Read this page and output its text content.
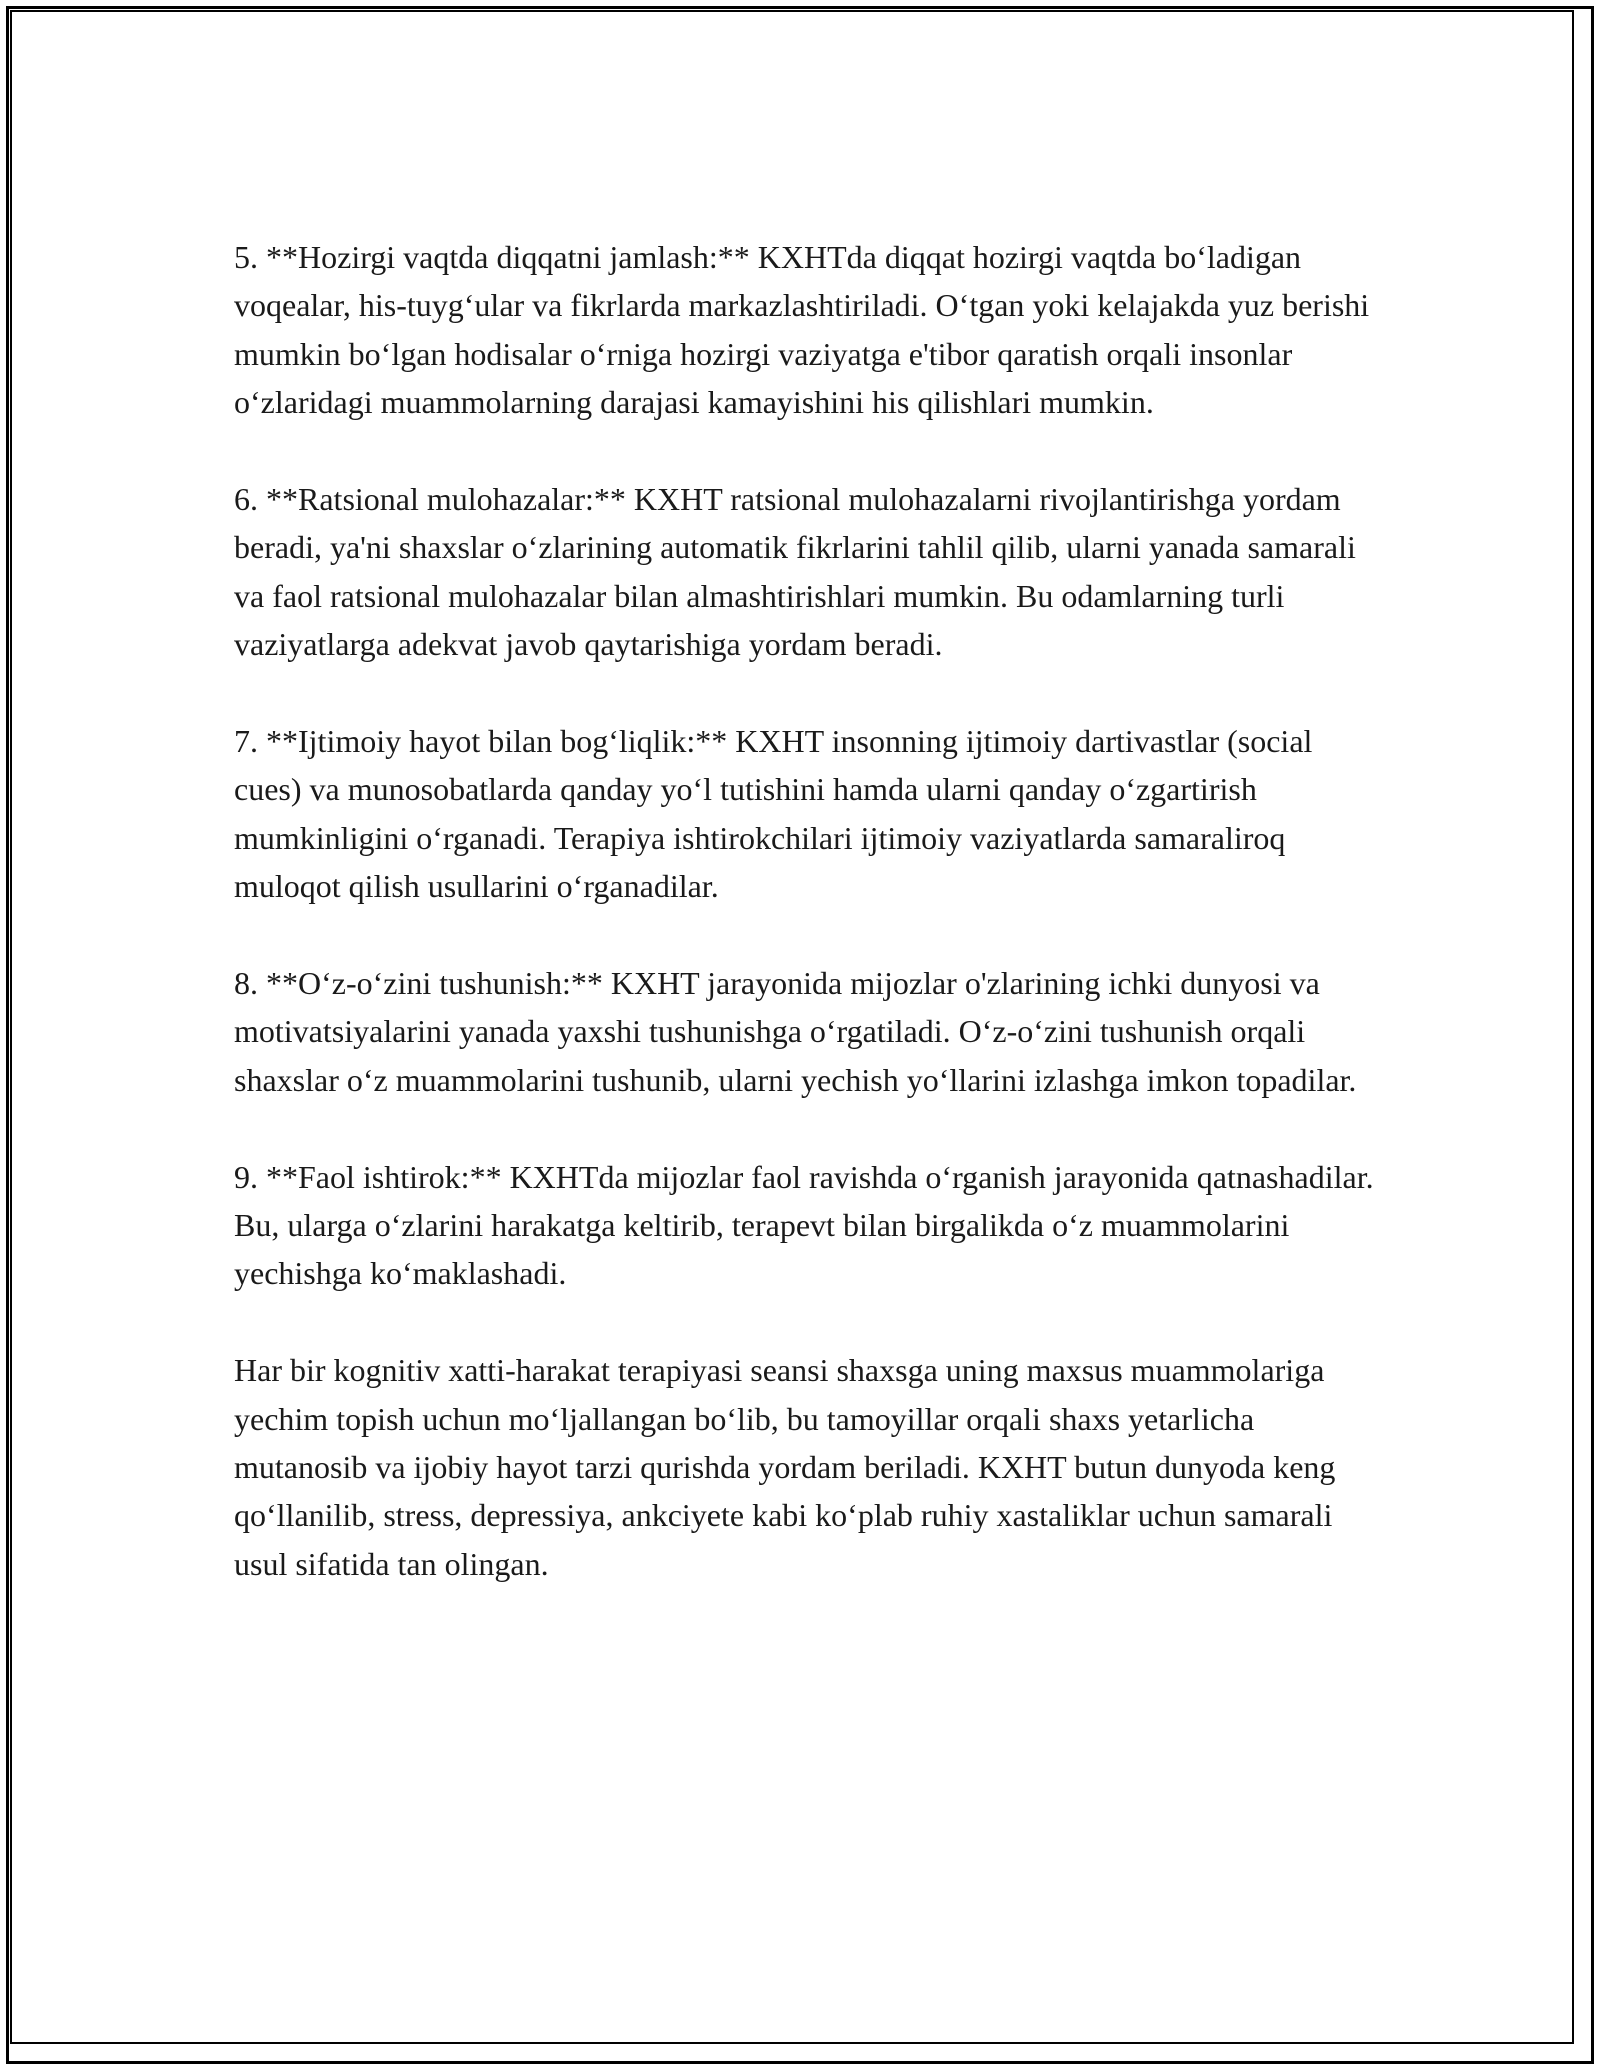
5. **Hozirgi vaqtda diqqatni jamlash:** KXHTda diqqat hozirgi vaqtda bo‘ladigan voqealar, his-tuyg‘ular va fikrlarda markazlashtiriladi. O‘tgan yoki kelajakda yuz berishi mumkin bo‘lgan hodisalar o‘rniga hozirgi vaziyatga e'tibor qaratish orqali insonlar o‘zlaridagi muammolarning darajasi kamayishini his qilishlari mumkin.

6. **Ratsional mulohazalar:** KXHT ratsional mulohazalarni rivojlantirishga yordam beradi, ya'ni shaxslar o‘zlarining automatik fikrlarini tahlil qilib, ularni yanada samarali va faol ratsional mulohazalar bilan almashtirishlari mumkin. Bu odamlarning turli vaziyatlarga adekvat javob qaytarishiga yordam beradi.

7. **Ijtimoiy hayot bilan bog‘liqlik:** KXHT insonning ijtimoiy dartivastlar (social cues) va munosobatlarda qanday yo‘l tutishini hamda ularni qanday o‘zgartirish mumkinligini o‘rganadi. Terapiya ishtirokchilari ijtimoiy vaziyatlarda samaraliroq muloqot qilish usullarini o‘rganadilar.

8. **O‘z-o‘zini tushunish:** KXHT jarayonida mijozlar o'zlarining ichki dunyosi va motivatsiyalarini yanada yaxshi tushunishga o‘rgatiladi. O‘z-o‘zini tushunish orqali shaxslar o‘z muammolarini tushunib, ularni yechish yo‘llarini izlashga imkon topadilar.

9. **Faol ishtirok:** KXHTda mijozlar faol ravishda o‘rganish jarayonida qatnashadilar. Bu, ularga o‘zlarini harakatga keltirib, terapevt bilan birgalikda o‘z muammolarini yechishga ko‘maklashadi.

Har bir kognitiv xatti-harakat terapiyasi seansi shaxsga uning maxsus muammolariga yechim topish uchun mo‘ljallangan bo‘lib, bu tamoyillar orqali shaxs yetarlicha mutanosib va ijobiy hayot tarzi qurishda yordam beriladi. KXHT butun dunyoda keng qo‘llanilib, stress, depressiya, ankciyete kabi ko‘plab ruhiy xastaliklar uchun samarali usul sifatida tan olingan.
